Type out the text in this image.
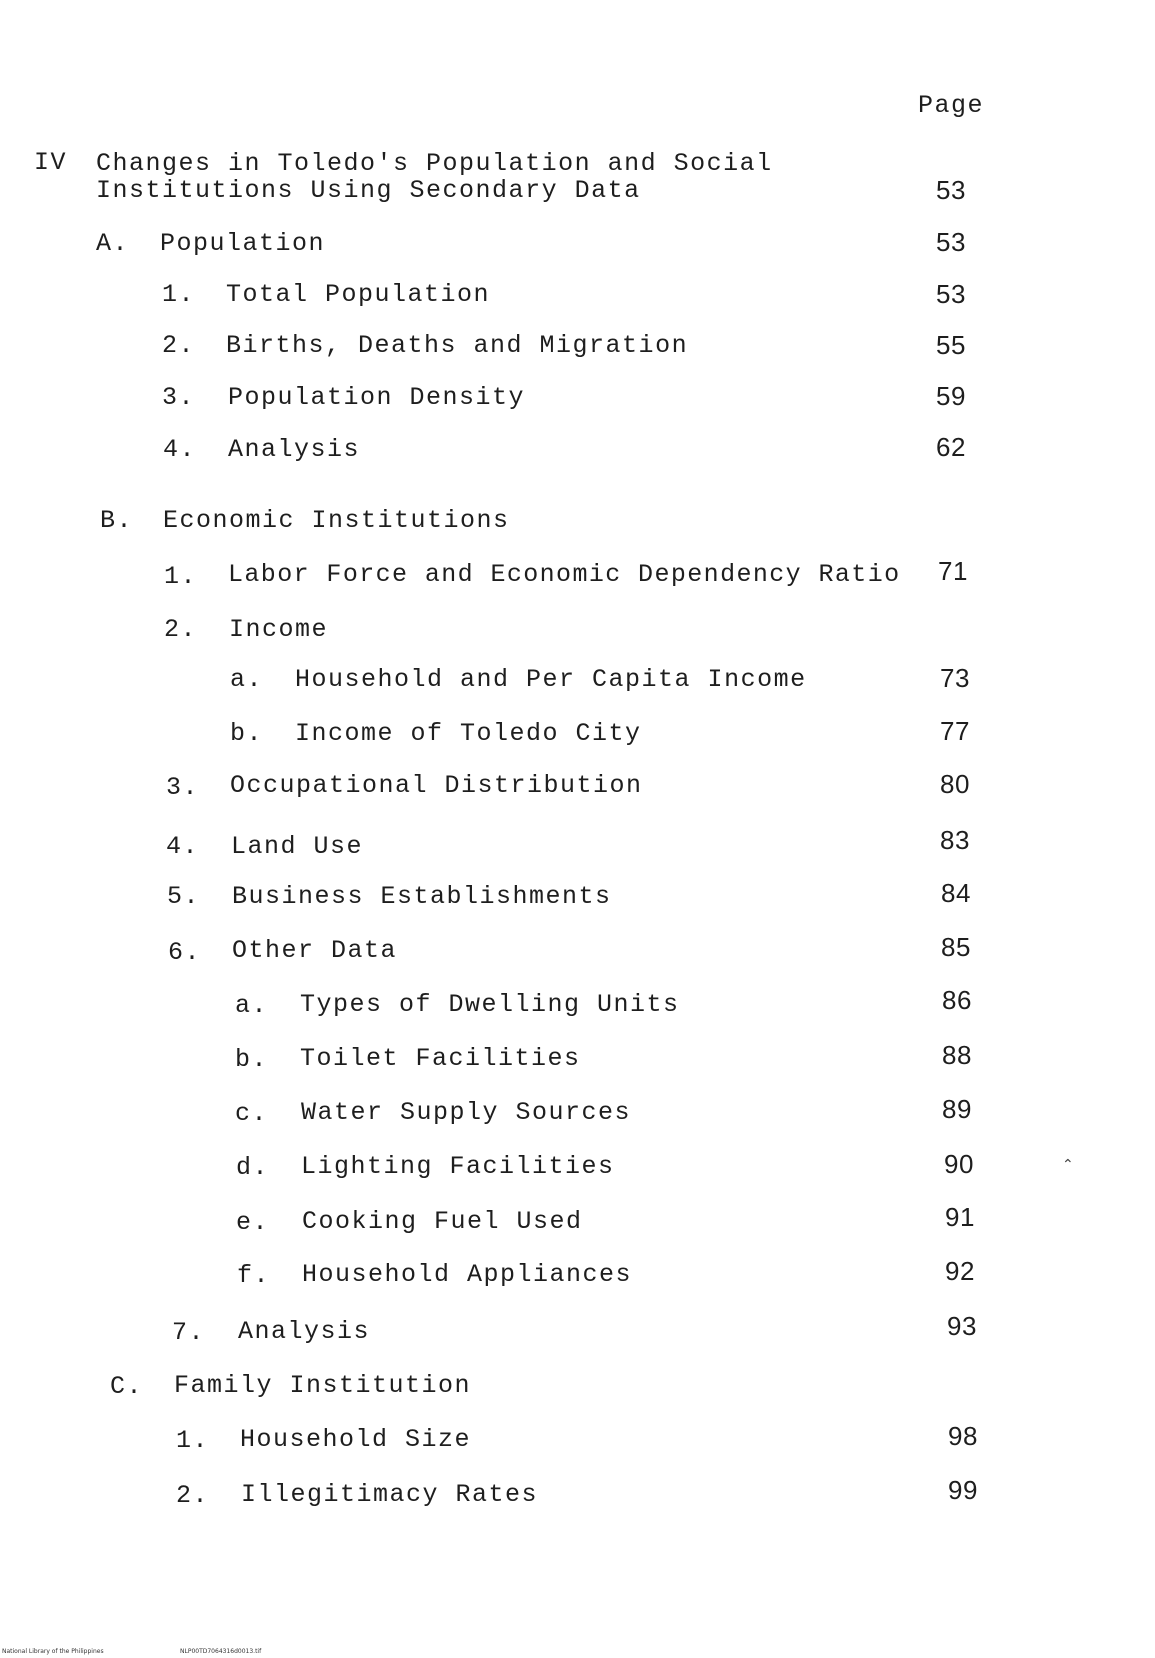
Page
IV Changes in Toledo's Population and Social
Institutions Using Secondary Data	53
A. Population	53
1. Total Population	53
2. Births, Deaths and Migration	55
3. Population Density	59
4. Analysis	62
B. Economic Institutions
1. Labor Force and Economic Dependency Ratio 71
2. Income
a. Household and Per Capita Income	73
b. Income of Toledo City	77
3. Occupational Distribution	80
4. Land Use	83
5. Business Establishments	84
6. Other Data	85
a. Types of Dwelling Units	86
b. Toilet Facilities	88
c. Water Supply Sources	89
d. Lighting Facilities	90
e. Cooking Fuel Used	91
f. Household Appliances	92
7. Analysis	93
C. Family Institution
1. Household Size	98
2. Illegitimacy Rates	99
⌃
National Library of the Philippines	NLP00TD7064316d0013.tif
